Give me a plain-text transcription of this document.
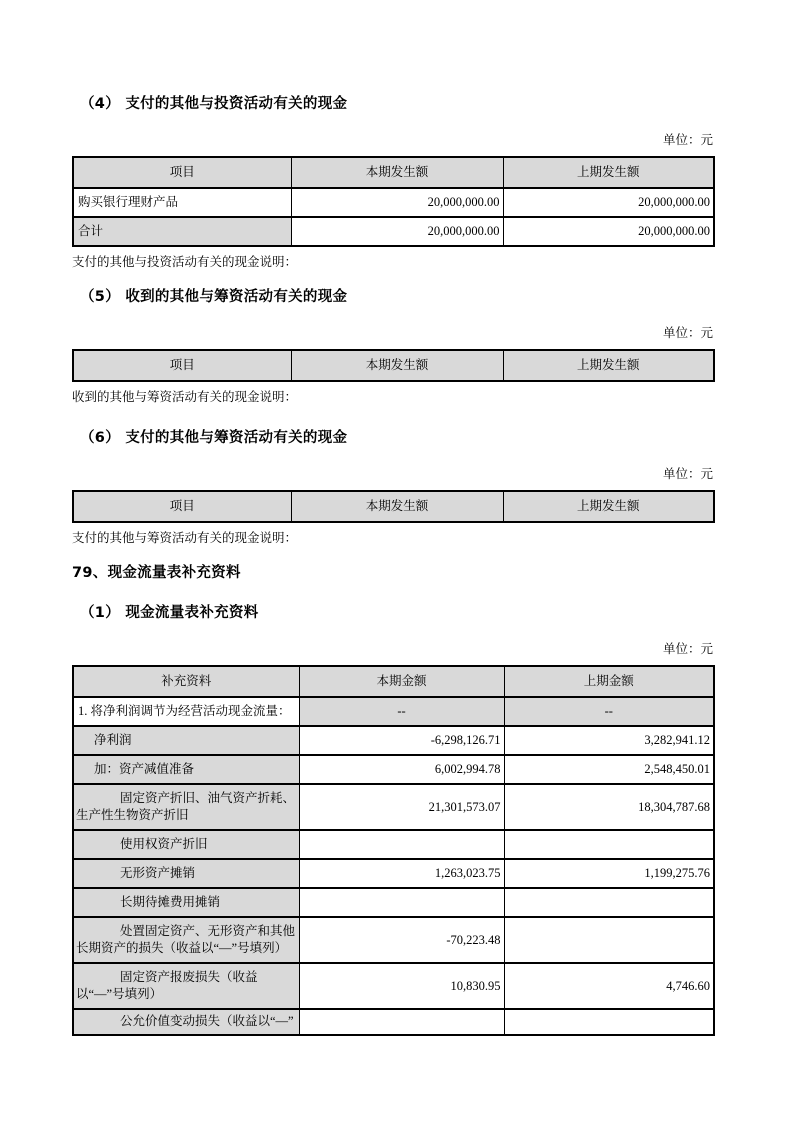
（4） 支付的其他与投资活动有关的现金
单位：元
项目	本期发生额	上期发生额
购买银行理财产品	20,000,000.00	20,000,000.00
合计	20,000,000.00	20,000,000.00
支付的其他与投资活动有关的现金说明：
（5） 收到的其他与筹资活动有关的现金
单位：元
项目	本期发生额	上期发生额
收到的其他与筹资活动有关的现金说明：
（6） 支付的其他与筹资活动有关的现金
单位：元
项目	本期发生额	上期发生额
支付的其他与筹资活动有关的现金说明：
79、现金流量表补充资料
（1） 现金流量表补充资料
单位：元
补充资料	本期金额	上期金额
1. 将净利润调节为经营活动现金流量：	--	--
净利润	-6,298,126.71	3,282,941.12
加：资产减值准备	6,002,994.78	2,548,450.01
固定资产折旧、油气资产折耗、生产性生物资产折旧	21,301,573.07	18,304,787.68
使用权资产折旧		
无形资产摊销	1,263,023.75	1,199,275.76
长期待摊费用摊销		
处置固定资产、无形资产和其他长期资产的损失（收益以“—”号填列）	-70,223.48	
固定资产报废损失（收益以“—”号填列）	10,830.95	4,746.60
公允价值变动损失（收益以“—”		
